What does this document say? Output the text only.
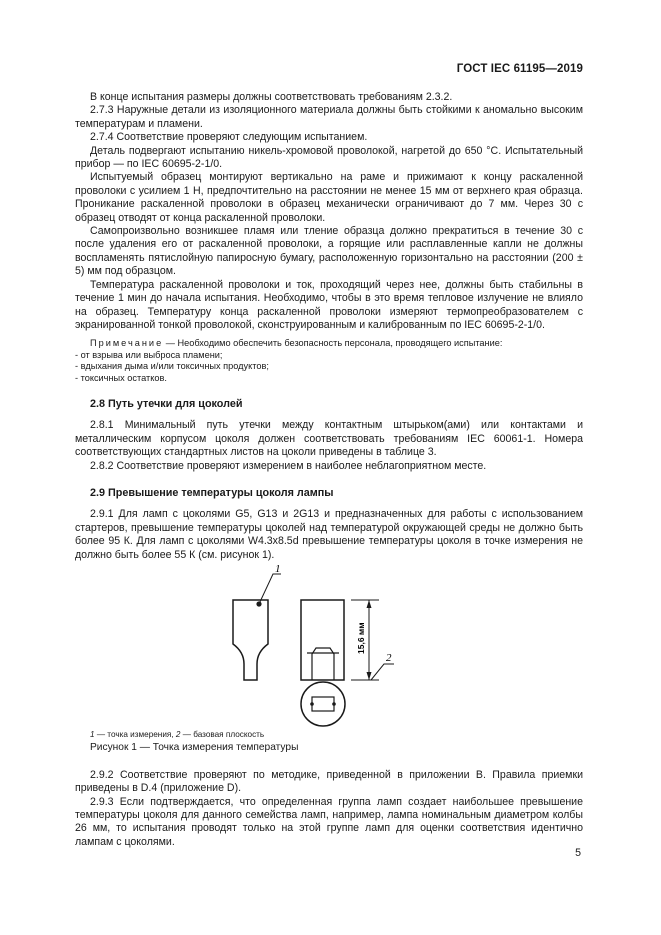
ГОСТ IEC 61195—2019

В конце испытания размеры должны соответствовать требованиям 2.3.2.

2.7.3 Наружные детали из изоляционного материала должны быть стойкими к аномально высоким температурам и пламени.

2.7.4 Соответствие проверяют следующим испытанием.

Деталь подвергают испытанию никель-хромовой проволокой, нагретой до 650 °С. Испытательный прибор — по IEC 60695-2-1/0.

Испытуемый образец монтируют вертикально на раме и прижимают к концу раскаленной проволоки с усилием 1 Н, предпочтительно на расстоянии не менее 15 мм от верхнего края образца. Проникание раскаленной проволоки в образец механически ограничивают до 7 мм. Через 30 с образец отводят от конца раскаленной проволоки.

Самопроизвольно возникшее пламя или тление образца должно прекратиться в течение 30 с после удаления его от раскаленной проволоки, а горящие или расплавленные капли не должны воспламенять пятислойную папиросную бумагу, расположенную горизонтально на расстоянии (200 ± 5) мм под образцом.

Температура раскаленной проволоки и ток, проходящий через нее, должны быть стабильны в течение 1 мин до начала испытания. Необходимо, чтобы в это время тепловое излучение не влияло на образец. Температуру конца раскаленной проволоки измеряют термопреобразователем с экранированной тонкой проволокой, сконструированным и калиброванным по IEC 60695-2-1/0.

Примечание — Необходимо обеспечить безопасность персонала, проводящего испытание:

- от взрыва или выброса пламени;

- вдыхания дыма и/или токсичных продуктов;

- токсичных остатков.

2.8 Путь утечки для цоколей

2.8.1 Минимальный путь утечки между контактным штырьком(ами) или контактами и металлическим корпусом цоколя должен соответствовать требованиям IEC 60061-1. Номера соответствующих стандартных листов на цоколи приведены в таблице 3.

2.8.2 Соответствие проверяют измерением в наиболее неблагоприятном месте.

2.9 Превышение температуры цоколя лампы

2.9.1 Для ламп с цоколями G5, G13 и 2G13 и предназначенных для работы с использованием стартеров, превышение температуры цоколей над температурой окружающей среды не должно быть более 95 К. Для ламп с цоколями W4.3x8.5d превышение температуры цоколя в точке измерения не должно быть более 55 К (см. рисунок 1).

1
2
15,6 мм

1 — точка измерения, 2 — базовая плоскость

Рисунок 1 — Точка измерения температуры

2.9.2 Соответствие проверяют по методике, приведенной в приложении В. Правила приемки приведены в D.4 (приложение D).

2.9.3 Если подтверждается, что определенная группа ламп создает наибольшее превышение температуры цоколя для данного семейства ламп, например, лампа номинальным диаметром колбы 26 мм, то испытания проводят только на этой группе ламп для оценки соответствия идентично лампам с цоколями.

5
